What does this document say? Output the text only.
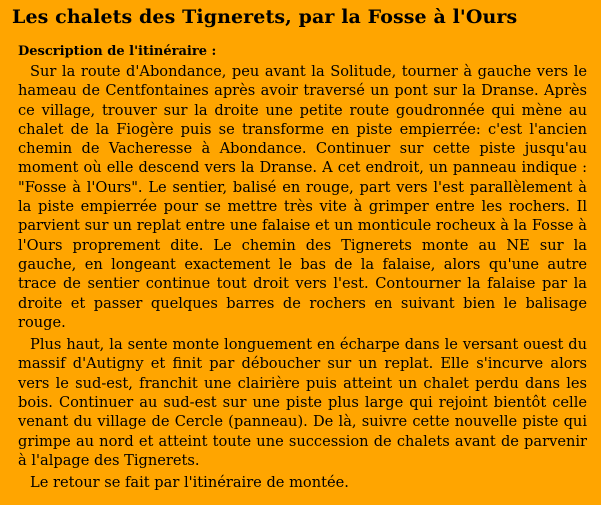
Les chalets des Tignerets, par la Fosse à l'Ours
Description de l'itinéraire :

Sur la route d'Abondance, peu avant la Solitude, tourner à gauche vers le hameau de Centfontaines après avoir traversé un pont sur la Dranse. Après ce village, trouver sur la droite une petite route goudronnée qui mène au chalet de la Fiogère puis se transforme en piste empierrée: c'est l'ancien chemin de Vacheresse à Abondance. Continuer sur cette piste jusqu'au moment où elle descend vers la Dranse. A cet endroit, un panneau indique : "Fosse à l'Ours". Le sentier, balisé en rouge, part vers l'est parallèlement à la piste empierrée pour se mettre très vite à grimper entre les rochers. Il parvient sur un replat entre une falaise et un monticule rocheux à la Fosse à l'Ours proprement dite. Le chemin des Tignerets monte au NE sur la gauche, en longeant exactement le bas de la falaise, alors qu'une autre trace de sentier continue tout droit vers l'est. Contourner la falaise par la droite et passer quelques barres de rochers en suivant bien le balisage rouge.

Plus haut, la sente monte longuement en écharpe dans le versant ouest du massif d'Autigny et finit par déboucher sur un replat. Elle s'incurve alors vers le sud-est, franchit une clairière puis atteint un chalet perdu dans les bois. Continuer au sud-est sur une piste plus large qui rejoint bientôt celle venant du village de Cercle (panneau). De là, suivre cette nouvelle piste qui grimpe au nord et atteint toute une succession de chalets avant de parvenir à l'alpage des Tignerets.

Le retour se fait par l'itinéraire de montée.
